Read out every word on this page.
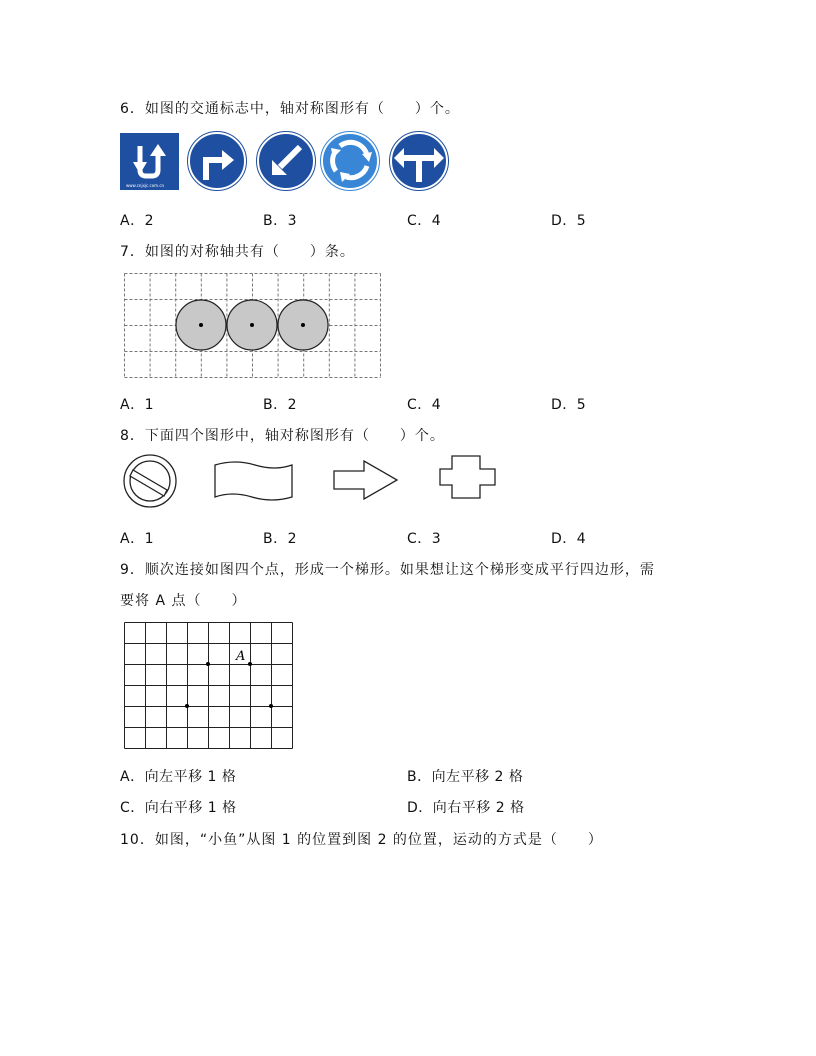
6．如图的交通标志中，轴对称图形有（　　）个。
www.cnjxjc.com.cn
A．2	B．3	C．4	D．5
7．如图的对称轴共有（　　）条。
A．1	B．2	C．4	D．5
8．下面四个图形中，轴对称图形有（　　）个。
A．1	B．2	C．3	D．4
9．顺次连接如图四个点，形成一个梯形。如果想让这个梯形变成平行四边形，需
要将 A 点（　　）
A
A．向左平移 1 格	B．向左平移 2 格
C．向右平移 1 格	D．向右平移 2 格
10．如图，“小鱼”从图 1 的位置到图 2 的位置，运动的方式是（　　）
